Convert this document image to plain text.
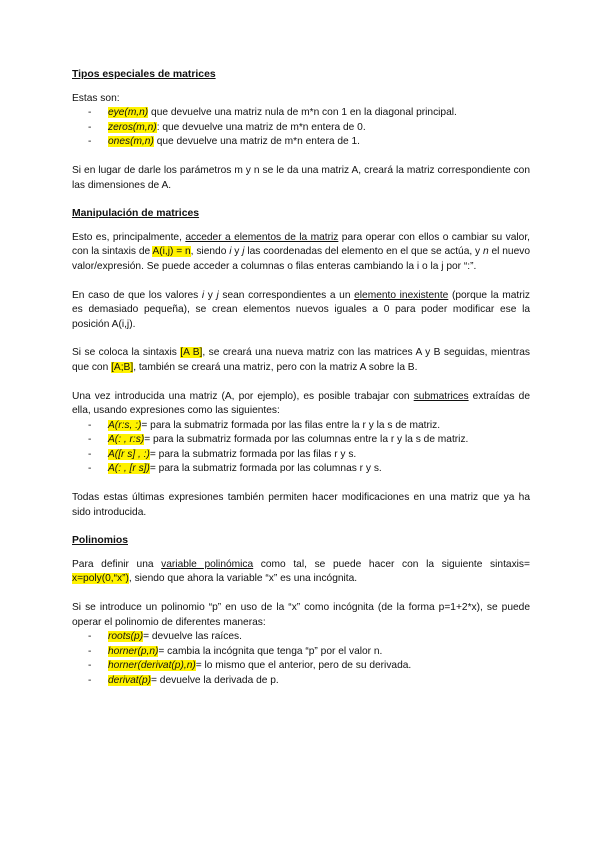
Tipos especiales de matrices

Estas son:

- eye(m,n) que devuelve una matriz nula de m*n con 1 en la diagonal principal.
- zeros(m,n): que devuelve una matriz de m*n entera de 0.
- ones(m,n) que devuelve una matriz de m*n entera de 1.

Si en lugar de darle los parámetros m y n se le da una matriz A, creará la matriz correspondiente con las dimensiones de A.

Manipulación de matrices

Esto es, principalmente, acceder a elementos de la matriz para operar con ellos o cambiar su valor, con la sintaxis de A(i,j) = n, siendo i y j las coordenadas del elemento en el que se actúa, y n el nuevo valor/expresión. Se puede acceder a columnas o filas enteras cambiando la i o la j por “:”.

En caso de que los valores i y j sean correspondientes a un elemento inexistente (porque la matriz es demasiado pequeña), se crean elementos nuevos iguales a 0 para poder modificar ese la posición A(i,j).

Si se coloca la sintaxis [A B], se creará una nueva matriz con las matrices A y B seguidas, mientras que con [A;B], también se creará una matriz, pero con la matriz A sobre la B.

Una vez introducida una matriz (A, por ejemplo), es posible trabajar con submatrices extraídas de ella, usando expresiones como las siguientes:

- A(r:s, :)= para la submatriz formada por las filas entre la r y la s de matriz.
- A(: , r:s)= para la submatriz formada por las columnas entre la r y la s de matriz.
- A([r s] , :)= para la submatriz formada por las filas r y s.
- A(: , [r s])= para la submatriz formada por las columnas r y s.

Todas estas últimas expresiones también permiten hacer modificaciones en una matriz que ya ha sido introducida.

Polinomios

Para definir una variable polinómica como tal, se puede hacer con la siguiente sintaxis= x=poly(0,“x”), siendo que ahora la variable “x” es una incógnita.

Si se introduce un polinomio “p” en uso de la “x” como incógnita (de la forma p=1+2*x), se puede operar el polinomio de diferentes maneras:

- roots(p)= devuelve las raíces.
- horner(p,n)= cambia la incógnita que tenga “p” por el valor n.
- horner(derivat(p),n)= lo mismo que el anterior, pero de su derivada.
- derivat(p)= devuelve la derivada de p.
